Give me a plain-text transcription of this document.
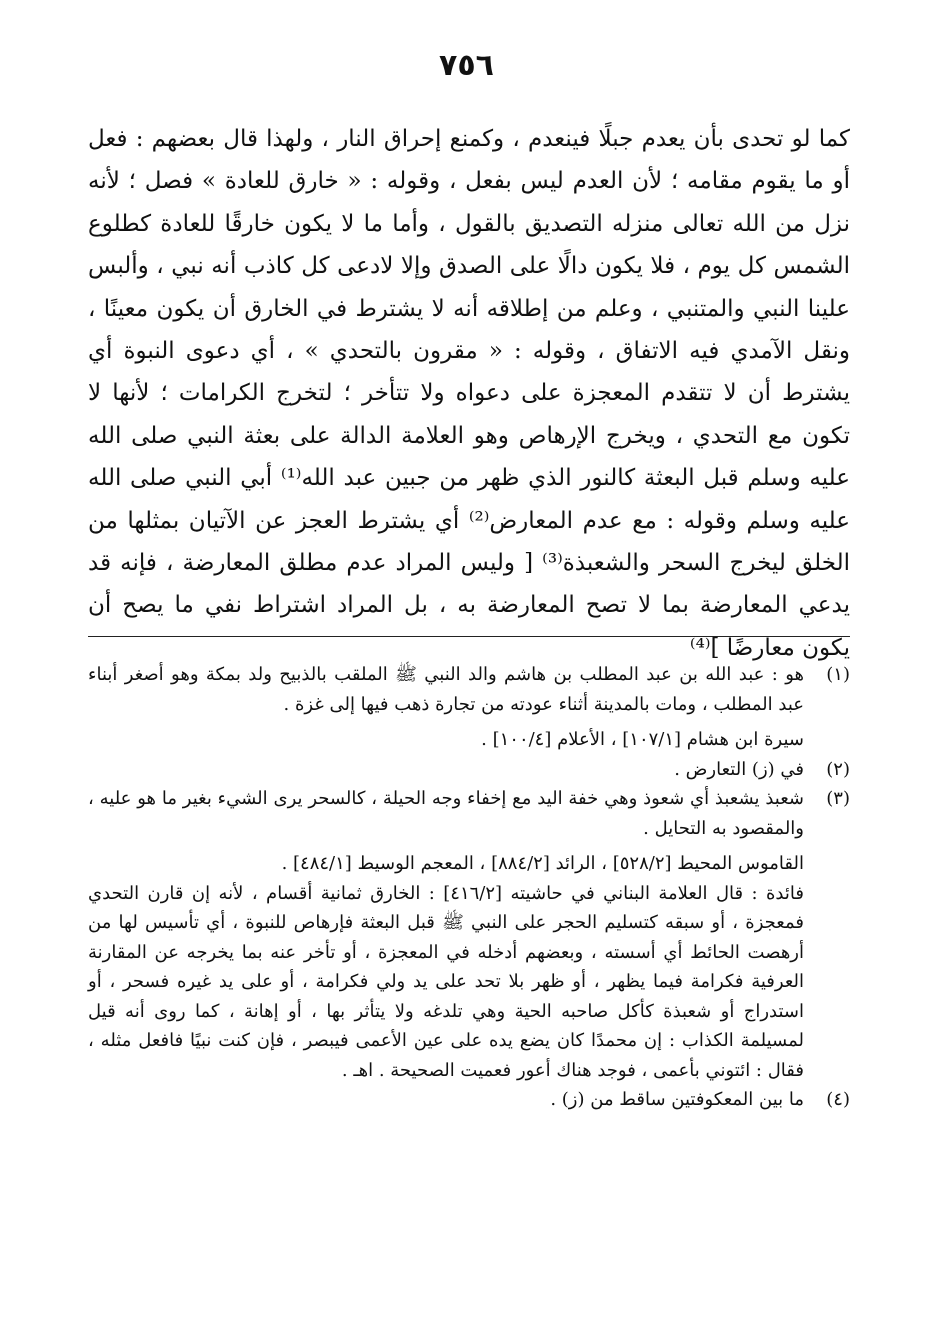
٧٥٦

كما لو تحدى بأن يعدم جبلًا فينعدم ، وكمنع إحراق النار ، ولهذا قال بعضهم : فعل أو ما يقوم مقامه ؛ لأن العدم ليس بفعل ، وقوله : « خارق للعادة » فصل ؛ لأنه نزل من الله تعالى منزله التصديق بالقول ، وأما ما لا يكون خارقًا للعادة كطلوع الشمس كل يوم ، فلا يكون دالًا على الصدق وإلا لادعى كل كاذب أنه نبي ، وألبس علينا النبي والمتنبي ، وعلم من إطلاقه أنه لا يشترط في الخارق أن يكون معينًا ، ونقل الآمدي فيه الاتفاق ، وقوله : « مقرون بالتحدي » ، أي دعوى النبوة أي يشترط أن لا تتقدم المعجزة على دعواه ولا تتأخر ؛ لتخرج الكرامات ؛ لأنها لا تكون مع التحدي ، ويخرج الإرهاص وهو العلامة الدالة على بعثة النبي صلى الله عليه وسلم قبل البعثة كالنور الذي ظهر من جبين عبد الله⁽¹⁾ أبي النبي صلى الله عليه وسلم وقوله : مع عدم المعارض⁽²⁾ أي يشترط العجز عن الآتيان بمثلها من الخلق ليخرج السحر والشعبذة⁽³⁾ [ وليس المراد عدم مطلق المعارضة ، فإنه قد يدعي المعارضة بما لا تصح المعارضة به ، بل المراد اشتراط نفي ما يصح أن يكون معارضًا ]⁽⁴⁾

(١)

هو : عبد الله بن عبد المطلب بن هاشم والد النبي ﷺ الملقب بالذبيح ولد بمكة وهو أصغر أبناء عبد المطلب ، ومات بالمدينة أثناء عودته من تجارة ذهب فيها إلى غزة .

سيرة ابن هشام [١٠٧/١] ، الأعلام [١٠٠/٤] .

(٢)

في (ز) التعارض .

(٣)

شعبذ يشعبذ أي شعوذ وهي خفة اليد مع إخفاء وجه الحيلة ، كالسحر يرى الشيء بغير ما هو عليه ، والمقصود به التحايل .

القاموس المحيط [٥٢٨/٢] ، الرائد [٨٨٤/٢] ، المعجم الوسيط [٤٨٤/١] .

فائدة : قال العلامة البناني في حاشيته [٤١٦/٢] : الخارق ثمانية أقسام ، لأنه إن قارن التحدي فمعجزة ، أو سبقه كتسليم الحجر على النبي ﷺ قبل البعثة فإرهاص للنبوة ، أي تأسيس لها من أرهصت الحائط أي أسسته ، وبعضهم أدخله في المعجزة ، أو تأخر عنه بما يخرجه عن المقارنة العرفية فكرامة فيما يظهر ، أو ظهر بلا تحد على يد ولي فكرامة ، أو على يد غيره فسحر ، أو استدراج أو شعبذة كأكل صاحبه الحية وهي تلدغه ولا يتأثر بها ، أو إهانة ، كما روى أنه قيل لمسيلمة الكذاب : إن محمدًا كان يضع يده على عين الأعمى فيبصر ، فإن كنت نبيًا فافعل مثله ، فقال : ائتوني بأعمى ، فوجد هناك أعور فعميت الصحيحة . اهـ .

(٤)

ما بين المعكوفتين ساقط من (ز) .
